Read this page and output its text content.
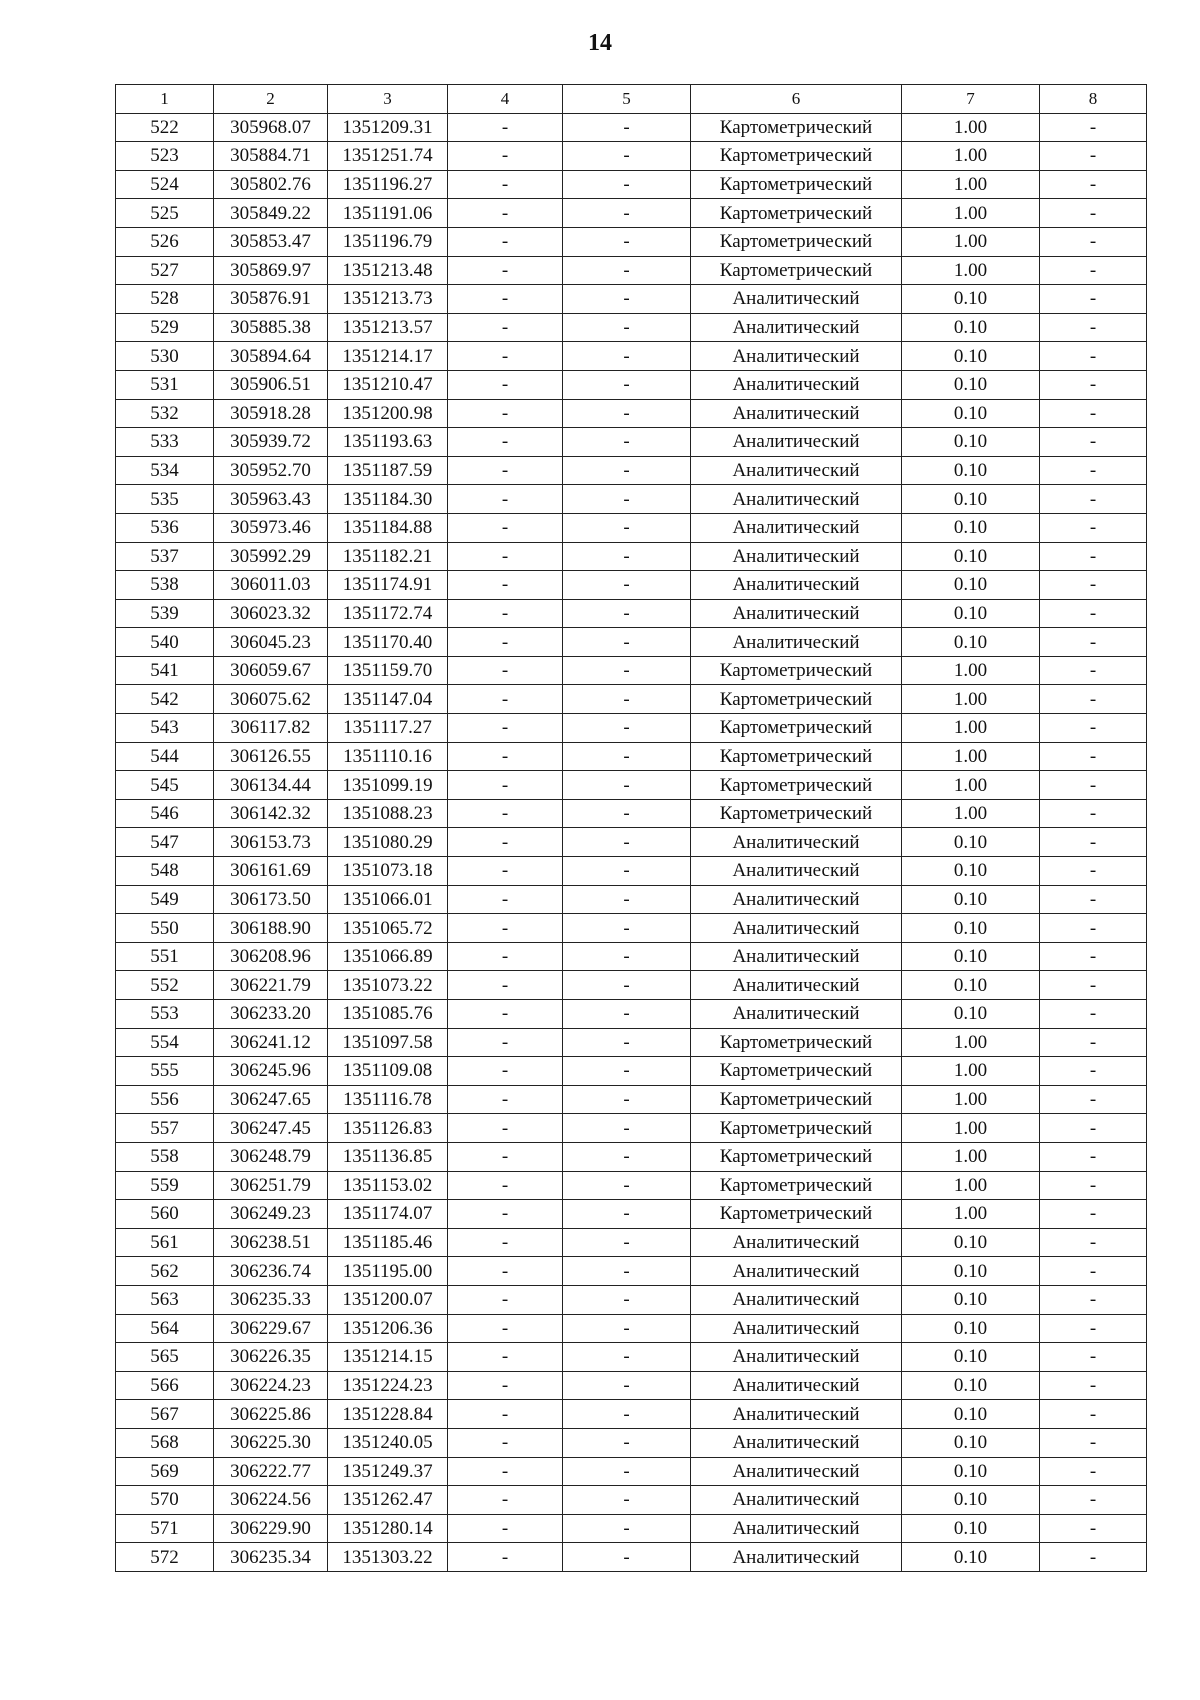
14
1	2	3	4	5	6	7	8
522	305968.07	1351209.31	-	-	Картометрический	1.00	-
523	305884.71	1351251.74	-	-	Картометрический	1.00	-
524	305802.76	1351196.27	-	-	Картометрический	1.00	-
525	305849.22	1351191.06	-	-	Картометрический	1.00	-
526	305853.47	1351196.79	-	-	Картометрический	1.00	-
527	305869.97	1351213.48	-	-	Картометрический	1.00	-
528	305876.91	1351213.73	-	-	Аналитический	0.10	-
529	305885.38	1351213.57	-	-	Аналитический	0.10	-
530	305894.64	1351214.17	-	-	Аналитический	0.10	-
531	305906.51	1351210.47	-	-	Аналитический	0.10	-
532	305918.28	1351200.98	-	-	Аналитический	0.10	-
533	305939.72	1351193.63	-	-	Аналитический	0.10	-
534	305952.70	1351187.59	-	-	Аналитический	0.10	-
535	305963.43	1351184.30	-	-	Аналитический	0.10	-
536	305973.46	1351184.88	-	-	Аналитический	0.10	-
537	305992.29	1351182.21	-	-	Аналитический	0.10	-
538	306011.03	1351174.91	-	-	Аналитический	0.10	-
539	306023.32	1351172.74	-	-	Аналитический	0.10	-
540	306045.23	1351170.40	-	-	Аналитический	0.10	-
541	306059.67	1351159.70	-	-	Картометрический	1.00	-
542	306075.62	1351147.04	-	-	Картометрический	1.00	-
543	306117.82	1351117.27	-	-	Картометрический	1.00	-
544	306126.55	1351110.16	-	-	Картометрический	1.00	-
545	306134.44	1351099.19	-	-	Картометрический	1.00	-
546	306142.32	1351088.23	-	-	Картометрический	1.00	-
547	306153.73	1351080.29	-	-	Аналитический	0.10	-
548	306161.69	1351073.18	-	-	Аналитический	0.10	-
549	306173.50	1351066.01	-	-	Аналитический	0.10	-
550	306188.90	1351065.72	-	-	Аналитический	0.10	-
551	306208.96	1351066.89	-	-	Аналитический	0.10	-
552	306221.79	1351073.22	-	-	Аналитический	0.10	-
553	306233.20	1351085.76	-	-	Аналитический	0.10	-
554	306241.12	1351097.58	-	-	Картометрический	1.00	-
555	306245.96	1351109.08	-	-	Картометрический	1.00	-
556	306247.65	1351116.78	-	-	Картометрический	1.00	-
557	306247.45	1351126.83	-	-	Картометрический	1.00	-
558	306248.79	1351136.85	-	-	Картометрический	1.00	-
559	306251.79	1351153.02	-	-	Картометрический	1.00	-
560	306249.23	1351174.07	-	-	Картометрический	1.00	-
561	306238.51	1351185.46	-	-	Аналитический	0.10	-
562	306236.74	1351195.00	-	-	Аналитический	0.10	-
563	306235.33	1351200.07	-	-	Аналитический	0.10	-
564	306229.67	1351206.36	-	-	Аналитический	0.10	-
565	306226.35	1351214.15	-	-	Аналитический	0.10	-
566	306224.23	1351224.23	-	-	Аналитический	0.10	-
567	306225.86	1351228.84	-	-	Аналитический	0.10	-
568	306225.30	1351240.05	-	-	Аналитический	0.10	-
569	306222.77	1351249.37	-	-	Аналитический	0.10	-
570	306224.56	1351262.47	-	-	Аналитический	0.10	-
571	306229.90	1351280.14	-	-	Аналитический	0.10	-
572	306235.34	1351303.22	-	-	Аналитический	0.10	-
